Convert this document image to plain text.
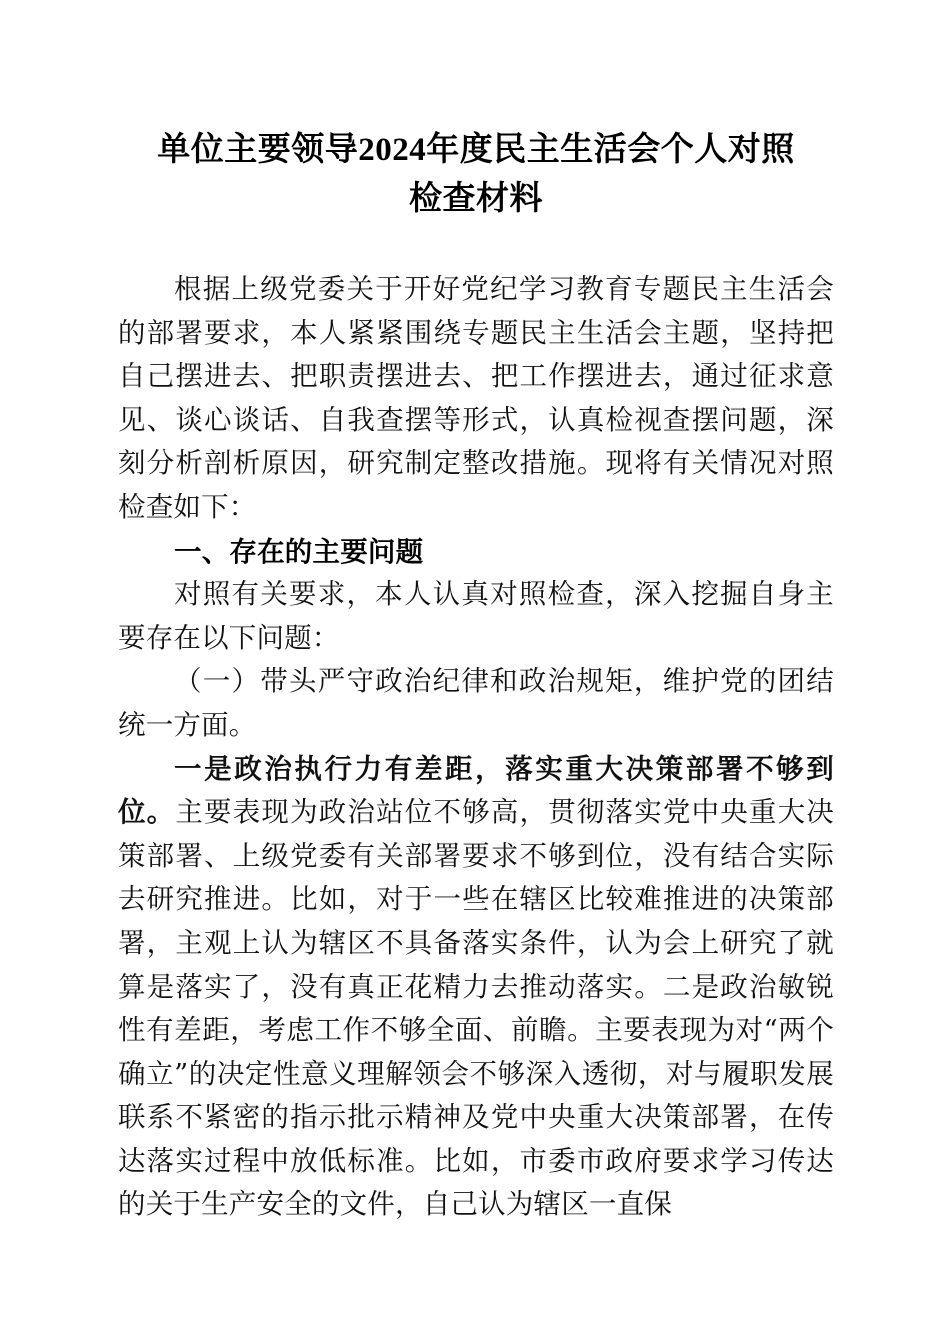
单位主要领导2024年度民主生活会个人对照
检查材料

根据上级党委关于开好党纪学习教育专题民主生活会的部署要求，本人紧紧围绕专题民主生活会主题，坚持把自己摆进去、把职责摆进去、把工作摆进去，通过征求意见、谈心谈话、自我查摆等形式，认真检视查摆问题，深刻分析剖析原因，研究制定整改措施。现将有关情况对照检查如下：

一、存在的主要问题

对照有关要求，本人认真对照检查，深入挖掘自身主要存在以下问题：

（一）带头严守政治纪律和政治规矩，维护党的团结统一方面。

一是政治执行力有差距，落实重大决策部署不够到位。主要表现为政治站位不够高，贯彻落实党中央重大决策部署、上级党委有关部署要求不够到位，没有结合实际去研究推进。比如，对于一些在辖区比较难推进的决策部署，主观上认为辖区不具备落实条件，认为会上研究了就算是落实了，没有真正花精力去推动落实。二是政治敏锐性有差距，考虑工作不够全面、前瞻。主要表现为对“两个确立”的决定性意义理解领会不够深入透彻，对与履职发展联系不紧密的指示批示精神及党中央重大决策部署，在传达落实过程中放低标准。比如，市委市政府要求学习传达的关于生产安全的文件，自己认为辖区一直保
